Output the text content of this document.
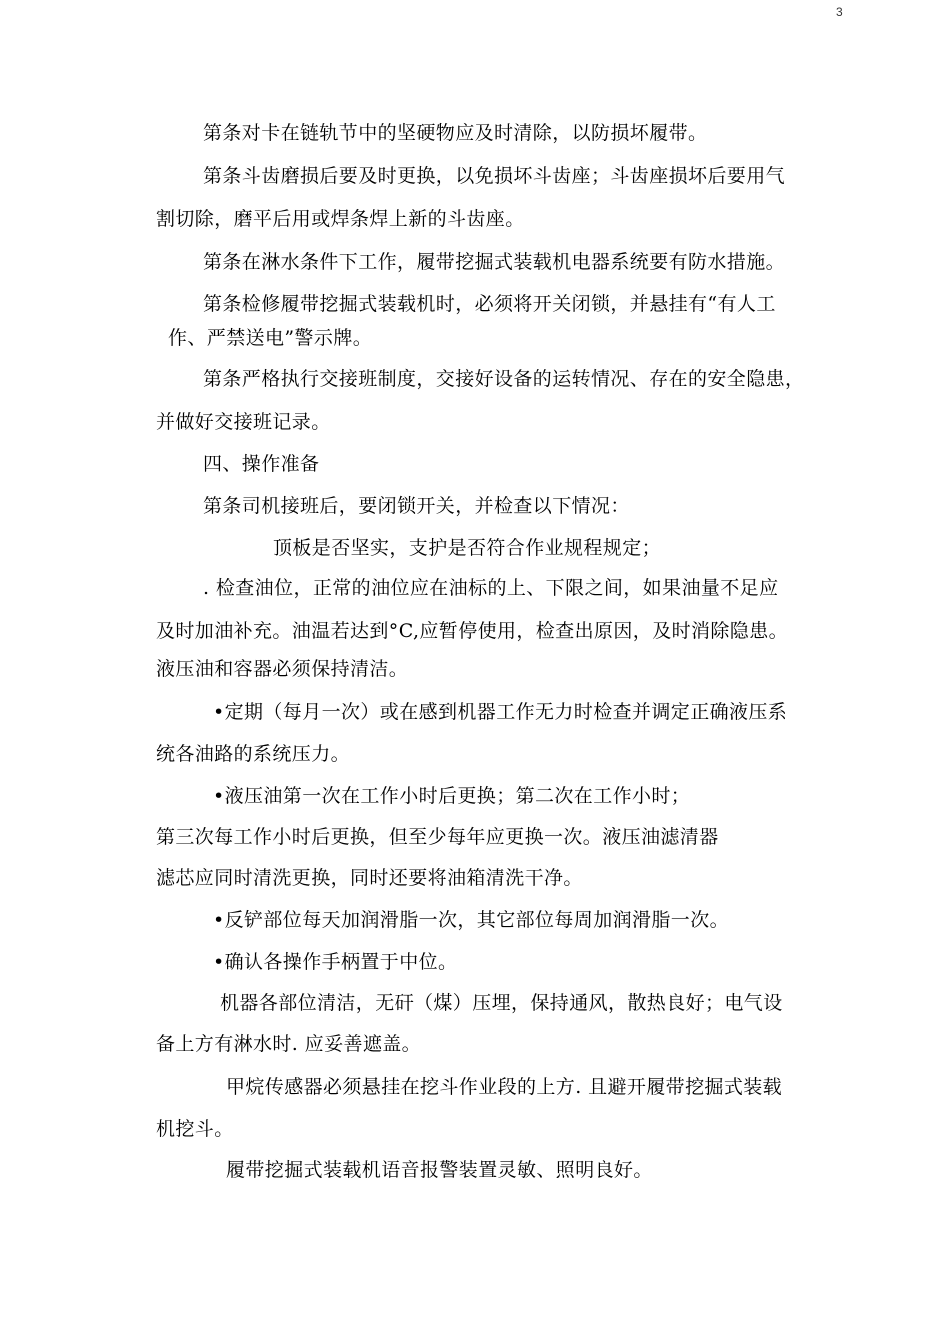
3
第条对卡在链轨节中的坚硬物应及时清除，以防损坏履带。
第条斗齿磨损后要及时更换，以免损坏斗齿座；斗齿座损坏后要用气
割切除，磨平后用或焊条焊上新的斗齿座。
第条在淋水条件下工作，履带挖掘式装载机电器系统要有防水措施。
第条检修履带挖掘式装载机时，必须将开关闭锁，并悬挂有“有人工
作、严禁送电”警示牌。
第条严格执行交接班制度，交接好设备的运转情况、存在的安全隐患，
并做好交接班记录。
四、操作准备
第条司机接班后，要闭锁开关，并检查以下情况：
顶板是否坚实，支护是否符合作业规程规定；
. 检查油位，正常的油位应在油标的上、下限之间，如果油量不足应
及时加油补充。油温若达到°C,应暂停使用，检查出原因，及时消除隐患。
液压油和容器必须保持清洁。
•定期（每月一次）或在感到机器工作无力时检查并调定正确液压系
统各油路的系统压力。
•液压油第一次在工作小时后更换；第二次在工作小时；
第三次每工作小时后更换，但至少每年应更换一次。液压油滤清器
滤芯应同时清洗更换，同时还要将油箱清洗干净。
•反铲部位每天加润滑脂一次，其它部位每周加润滑脂一次。
•确认各操作手柄置于中位。
机器各部位清洁，无矸（煤）压埋，保持通风，散热良好；电气设
备上方有淋水时. 应妥善遮盖。
甲烷传感器必须悬挂在挖斗作业段的上方. 且避开履带挖掘式装载
机挖斗。
履带挖掘式装载机语音报警装置灵敏、照明良好。
